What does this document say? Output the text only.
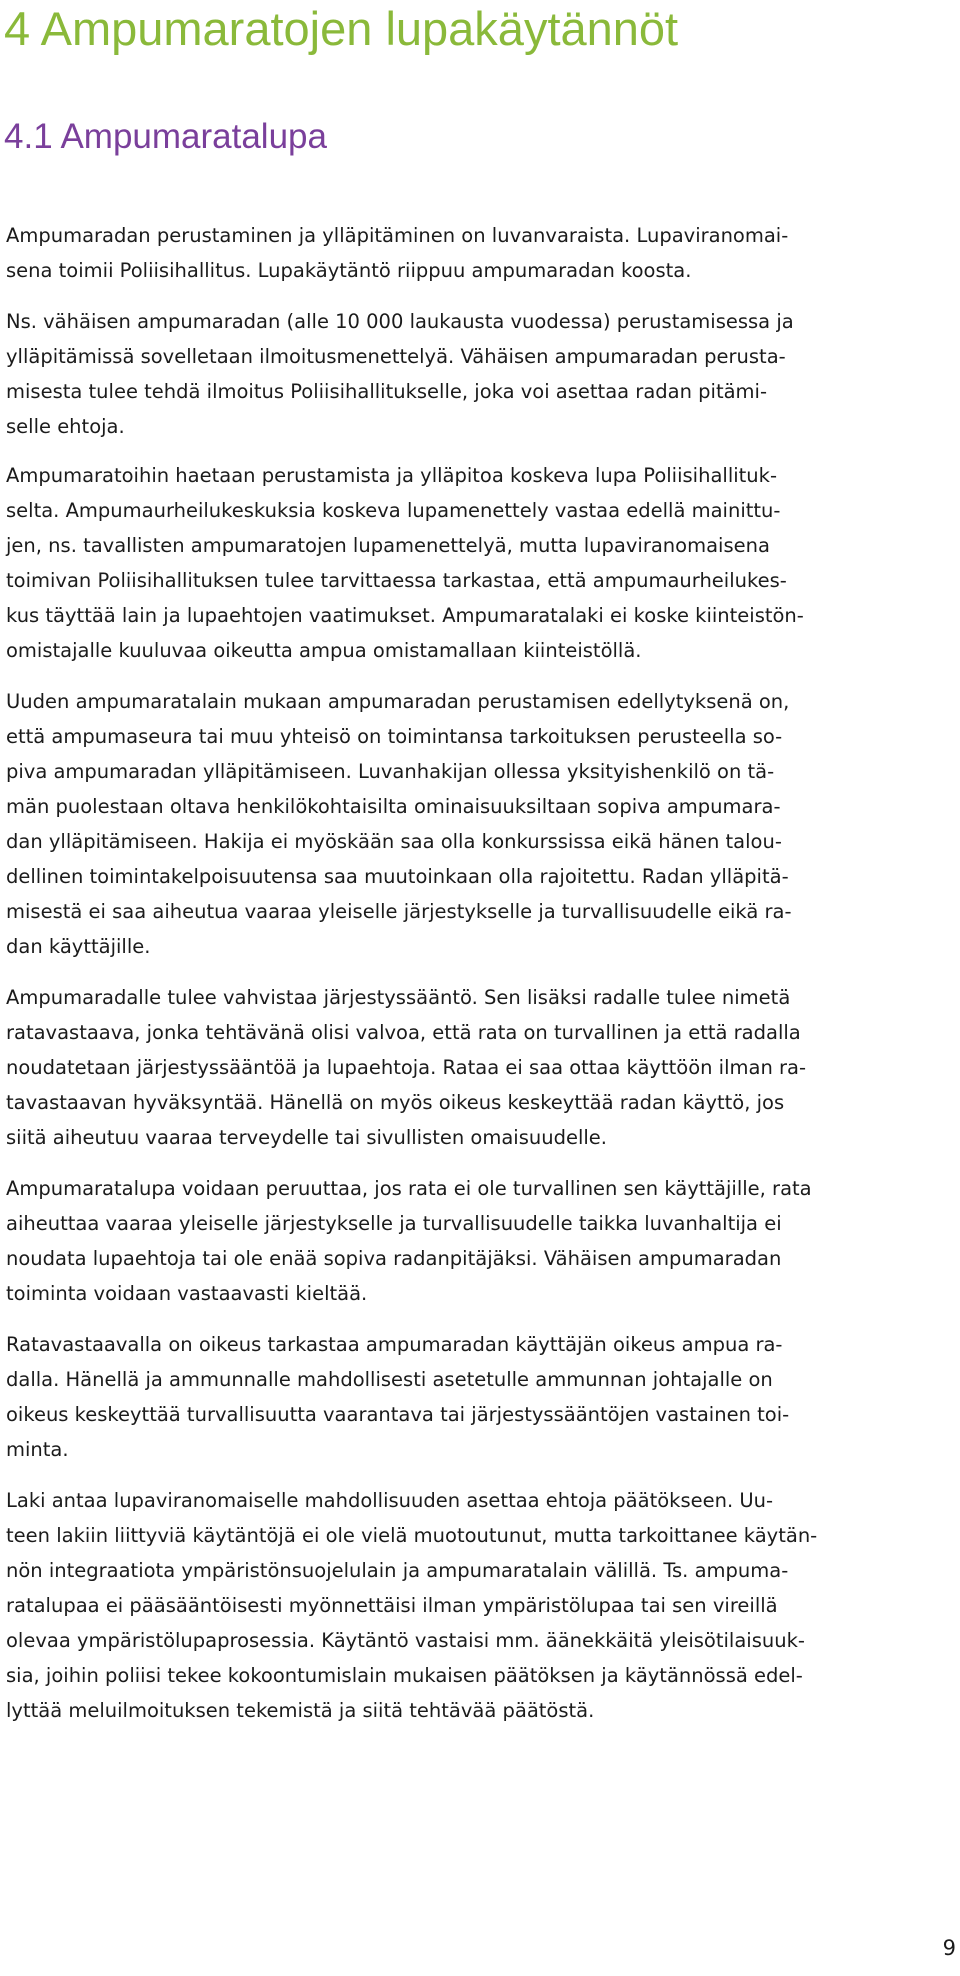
4 Ampumaratojen lupakäytännöt
4.1 Ampumaratalupa

Ampumaradan perustaminen ja ylläpitäminen on luvanvaraista. Lupaviranomai-
sena toimii Poliisihallitus. Lupakäytäntö riippuu ampumaradan koosta.

Ns. vähäisen ampumaradan (alle 10 000 laukausta vuodessa) perustamisessa ja
ylläpitämissä sovelletaan ilmoitusmenettelyä. Vähäisen ampumaradan perusta-
misesta tulee tehdä ilmoitus Poliisihallitukselle, joka voi asettaa radan pitämi-
selle ehtoja.

Ampumaratoihin haetaan perustamista ja ylläpitoa koskeva lupa Poliisihallituk-
selta. Ampumaurheilukeskuksia koskeva lupamenettely vastaa edellä mainittu-
jen, ns. tavallisten ampumaratojen lupamenettelyä, mutta lupaviranomaisena
toimivan Poliisihallituksen tulee tarvittaessa tarkastaa, että ampumaurheilukes-
kus täyttää lain ja lupaehtojen vaatimukset. Ampumaratalaki ei koske kiinteistön-
omistajalle kuuluvaa oikeutta ampua omistamallaan kiinteistöllä.

Uuden ampumaratalain mukaan ampumaradan perustamisen edellytyksenä on,
että ampumaseura tai muu yhteisö on toimintansa tarkoituksen perusteella so-
piva ampumaradan ylläpitämiseen. Luvanhakijan ollessa yksityishenkilö on tä-
män puolestaan oltava henkilökohtaisilta ominaisuuksiltaan sopiva ampumara-
dan ylläpitämiseen. Hakija ei myöskään saa olla konkurssissa eikä hänen talou-
dellinen toimintakelpoisuutensa saa muutoinkaan olla rajoitettu. Radan ylläpitä-
misestä ei saa aiheutua vaaraa yleiselle järjestykselle ja turvallisuudelle eikä ra-
dan käyttäjille.

Ampumaradalle tulee vahvistaa järjestyssääntö. Sen lisäksi radalle tulee nimetä
ratavastaava, jonka tehtävänä olisi valvoa, että rata on turvallinen ja että radalla
noudatetaan järjestyssääntöä ja lupaehtoja. Rataa ei saa ottaa käyttöön ilman ra-
tavastaavan hyväksyntää. Hänellä on myös oikeus keskeyttää radan käyttö, jos
siitä aiheutuu vaaraa terveydelle tai sivullisten omaisuudelle.

Ampumaratalupa voidaan peruuttaa, jos rata ei ole turvallinen sen käyttäjille, rata
aiheuttaa vaaraa yleiselle järjestykselle ja turvallisuudelle taikka luvanhaltija ei
noudata lupaehtoja tai ole enää sopiva radanpitäjäksi. Vähäisen ampumaradan
toiminta voidaan vastaavasti kieltää.

Ratavastaavalla on oikeus tarkastaa ampumaradan käyttäjän oikeus ampua ra-
dalla. Hänellä ja ammunnalle mahdollisesti asetetulle ammunnan johtajalle on
oikeus keskeyttää turvallisuutta vaarantava tai järjestyssääntöjen vastainen toi-
minta.

Laki antaa lupaviranomaiselle mahdollisuuden asettaa ehtoja päätökseen. Uu-
teen lakiin liittyviä käytäntöjä ei ole vielä muotoutunut, mutta tarkoittanee käytän-
nön integraatiota ympäristönsuojelulain ja ampumaratalain välillä. Ts. ampuma-
ratalupaa ei pääsääntöisesti myönnettäisi ilman ympäristölupaa tai sen vireillä
olevaa ympäristölupaprosessia. Käytäntö vastaisi mm. äänekkäitä yleisötilaisuuk-
sia, joihin poliisi tekee kokoontumislain mukaisen päätöksen ja käytännössä edel-
lyttää meluilmoituksen tekemistä ja siitä tehtävää päätöstä.

9
